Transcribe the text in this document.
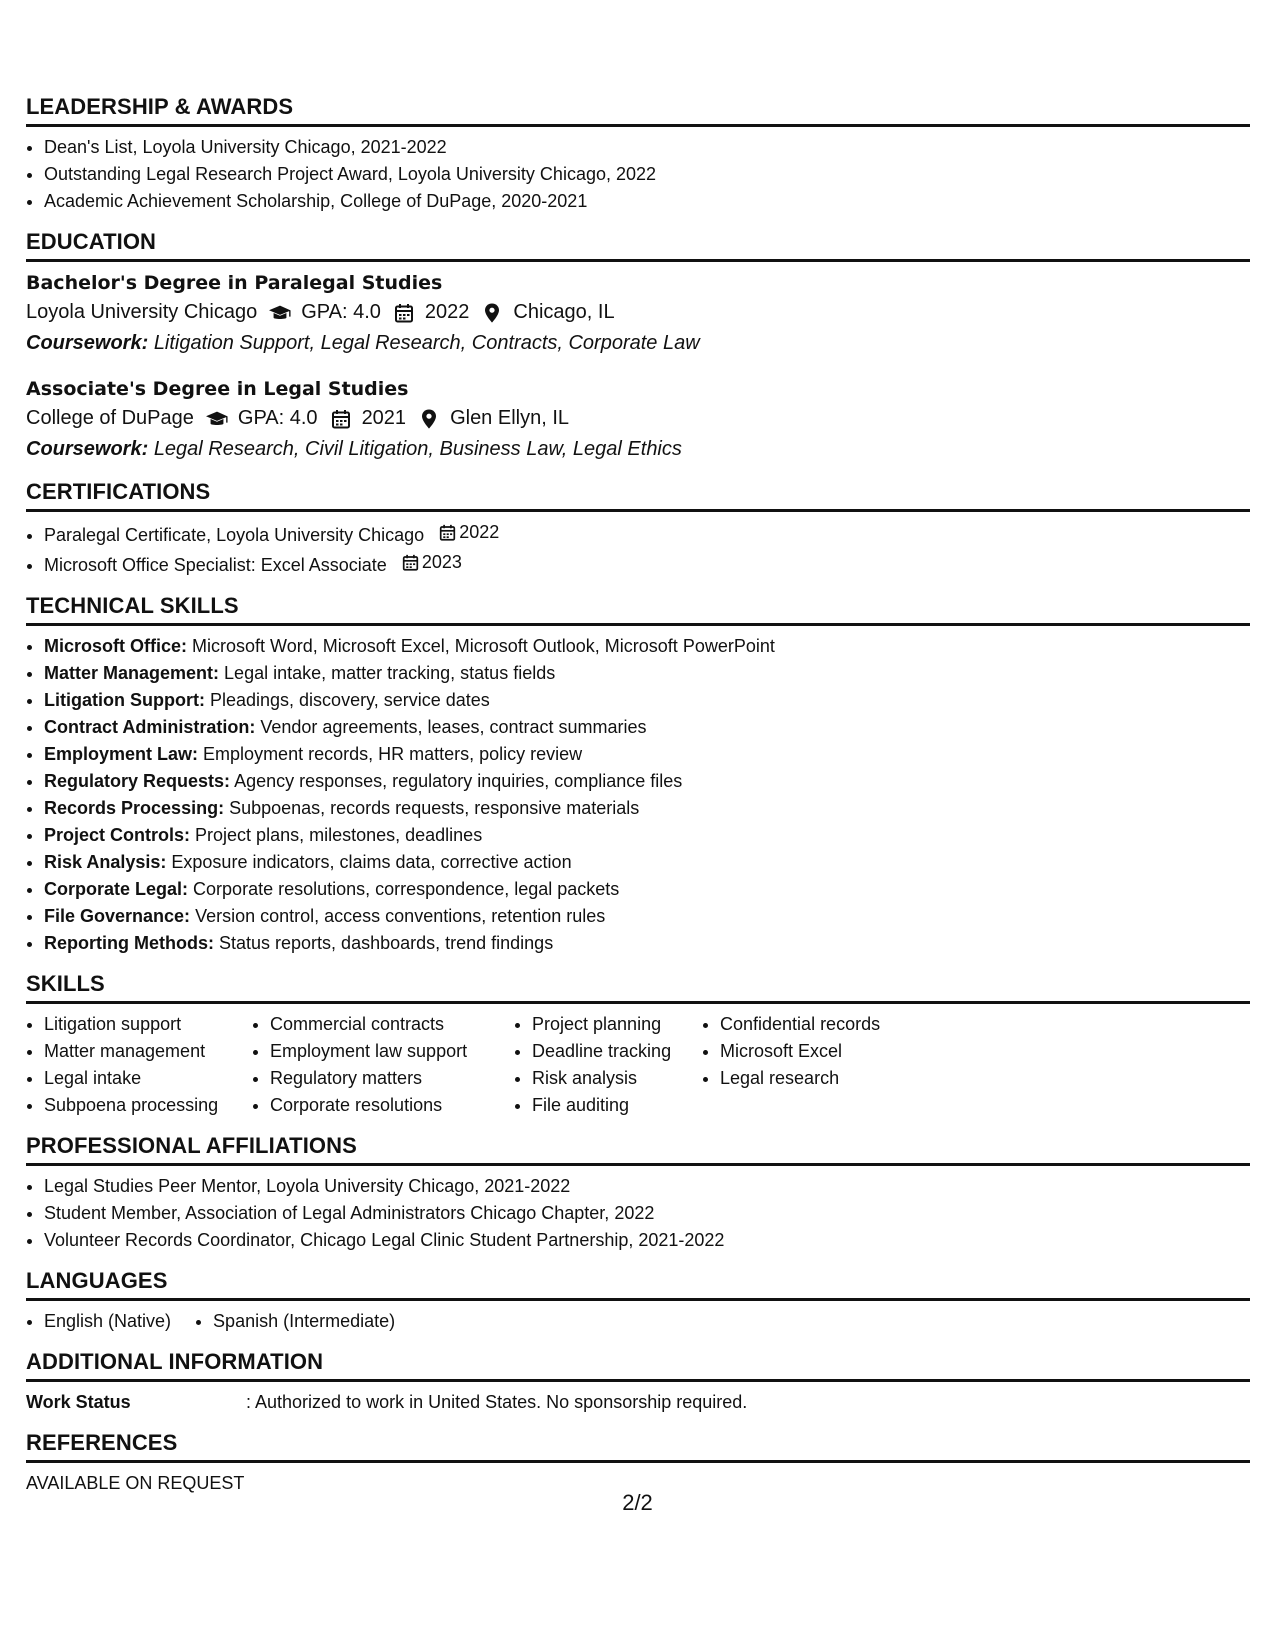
LEADERSHIP & AWARDS
• Dean's List, Loyola University Chicago, 2021-2022
• Outstanding Legal Research Project Award, Loyola University Chicago, 2022
• Academic Achievement Scholarship, College of DuPage, 2020-2021
EDUCATION
Bachelor's Degree in Paralegal Studies
Loyola University Chicago GPA: 4.0 2022 Chicago, IL
Coursework: Litigation Support, Legal Research, Contracts, Corporate Law
Associate's Degree in Legal Studies
College of DuPage GPA: 4.0 2021 Glen Ellyn, IL
Coursework: Legal Research, Civil Litigation, Business Law, Legal Ethics
CERTIFICATIONS
• Paralegal Certificate, Loyola University Chicago 2022
• Microsoft Office Specialist: Excel Associate 2023
TECHNICAL SKILLS
• Microsoft Office: Microsoft Word, Microsoft Excel, Microsoft Outlook, Microsoft PowerPoint
• Matter Management: Legal intake, matter tracking, status fields
• Litigation Support: Pleadings, discovery, service dates
• Contract Administration: Vendor agreements, leases, contract summaries
• Employment Law: Employment records, HR matters, policy review
• Regulatory Requests: Agency responses, regulatory inquiries, compliance files
• Records Processing: Subpoenas, records requests, responsive materials
• Project Controls: Project plans, milestones, deadlines
• Risk Analysis: Exposure indicators, claims data, corrective action
• Corporate Legal: Corporate resolutions, correspondence, legal packets
• File Governance: Version control, access conventions, retention rules
• Reporting Methods: Status reports, dashboards, trend findings
SKILLS
• Litigation support
• Matter management
• Legal intake
• Subpoena processing
• Commercial contracts
• Employment law support
• Regulatory matters
• Corporate resolutions
• Project planning
• Deadline tracking
• Risk analysis
• File auditing
• Confidential records
• Microsoft Excel
• Legal research
PROFESSIONAL AFFILIATIONS
• Legal Studies Peer Mentor, Loyola University Chicago, 2021-2022
• Student Member, Association of Legal Administrators Chicago Chapter, 2022
• Volunteer Records Coordinator, Chicago Legal Clinic Student Partnership, 2021-2022
LANGUAGES
• English (Native)
• Spanish (Intermediate)
ADDITIONAL INFORMATION
Work Status	: Authorized to work in United States. No sponsorship required.
REFERENCES
AVAILABLE ON REQUEST
2/2
